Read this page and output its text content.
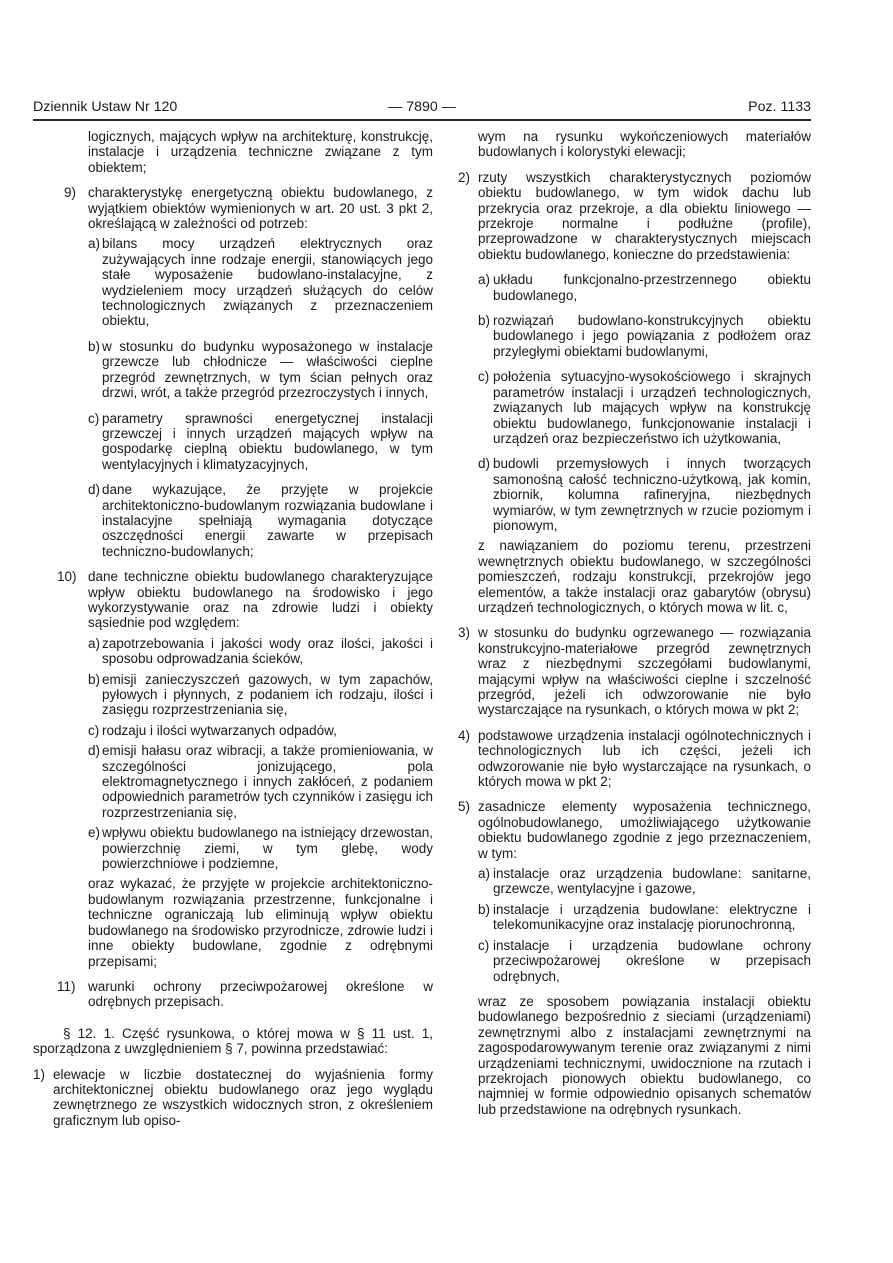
Dziennik Ustaw Nr 120	— 7890 —	Poz. 1133

logicznych, mających wpływ na architekturę, konstrukcję, instalacje i urządzenia techniczne związane z tym obiektem;

9) charakterystykę energetyczną obiektu budowlanego, z wyjątkiem obiektów wymienionych w art. 20 ust. 3 pkt 2, określającą w zależności od potrzeb:
a) bilans mocy urządzeń elektrycznych oraz zużywających inne rodzaje energii, stanowiących jego stałe wyposażenie budowlano-instalacyjne, z wydzieleniem mocy urządzeń służących do celów technologicznych związanych z przeznaczeniem obiektu,
b) w stosunku do budynku wyposażonego w instalacje grzewcze lub chłodnicze — właściwości cieplne przegród zewnętrznych, w tym ścian pełnych oraz drzwi, wrót, a także przegród przezroczystych i innych,
c) parametry sprawności energetycznej instalacji grzewczej i innych urządzeń mających wpływ na gospodarkę cieplną obiektu budowlanego, w tym wentylacyjnych i klimatyzacyjnych,
d) dane wykazujące, że przyjęte w projekcie architektoniczno-budowlanym rozwiązania budowlane i instalacyjne spełniają wymagania dotyczące oszczędności energii zawarte w przepisach techniczno-budowlanych;
10) dane techniczne obiektu budowlanego charakteryzujące wpływ obiektu budowlanego na środowisko i jego wykorzystywanie oraz na zdrowie ludzi i obiekty sąsiednie pod względem:
a) zapotrzebowania i jakości wody oraz ilości, jakości i sposobu odprowadzania ścieków,
b) emisji zanieczyszczeń gazowych, w tym zapachów, pyłowych i płynnych, z podaniem ich rodzaju, ilości i zasięgu rozprzestrzeniania się,
c) rodzaju i ilości wytwarzanych odpadów,
d) emisji hałasu oraz wibracji, a także promieniowania, w szczególności jonizującego, pola elektromagnetycznego i innych zakłóceń, z podaniem odpowiednich parametrów tych czynników i zasięgu ich rozprzestrzeniania się,
e) wpływu obiektu budowlanego na istniejący drzewostan, powierzchnię ziemi, w tym glebę, wody powierzchniowe i podziemne,

oraz wykazać, że przyjęte w projekcie architektoniczno-budowlanym rozwiązania przestrzenne, funkcjonalne i techniczne ograniczają lub eliminują wpływ obiektu budowlanego na środowisko przyrodnicze, zdrowie ludzi i inne obiekty budowlane, zgodnie z odrębnymi przepisami;

11) warunki ochrony przeciwpożarowej określone w odrębnych przepisach.

§ 12. 1. Część rysunkowa, o której mowa w § 11 ust. 1, sporządzona z uwzględnieniem § 7, powinna przedstawiać:

1) elewacje w liczbie dostatecznej do wyjaśnienia formy architektonicznej obiektu budowlanego oraz jego wyglądu zewnętrznego ze wszystkich widocznych stron, z określeniem graficznym lub opiso-

wym na rysunku wykończeniowych materiałów budowlanych i kolorystyki elewacji;

2) rzuty wszystkich charakterystycznych poziomów obiektu budowlanego, w tym widok dachu lub przekrycia oraz przekroje, a dla obiektu liniowego — przekroje normalne i podłużne (profile), przeprowadzone w charakterystycznych miejscach obiektu budowlanego, konieczne do przedstawienia:
a) układu funkcjonalno-przestrzennego obiektu budowlanego,
b) rozwiązań budowlano-konstrukcyjnych obiektu budowlanego i jego powiązania z podłożem oraz przyległymi obiektami budowlanymi,
c) położenia sytuacyjno-wysokościowego i skrajnych parametrów instalacji i urządzeń technologicznych, związanych lub mających wpływ na konstrukcję obiektu budowlanego, funkcjonowanie instalacji i urządzeń oraz bezpieczeństwo ich użytkowania,
d) budowli przemysłowych i innych tworzących samonośną całość techniczno-użytkową, jak komin, zbiornik, kolumna rafineryjna, niezbędnych wymiarów, w tym zewnętrznych w rzucie poziomym i pionowym,

z nawiązaniem do poziomu terenu, przestrzeni wewnętrznych obiektu budowlanego, w szczególności pomieszczeń, rodzaju konstrukcji, przekrojów jego elementów, a także instalacji oraz gabarytów (obrysu) urządzeń technologicznych, o których mowa w lit. c,

3) w stosunku do budynku ogrzewanego — rozwiązania konstrukcyjno-materiałowe przegród zewnętrznych wraz z niezbędnymi szczegółami budowlanymi, mającymi wpływ na właściwości cieplne i szczelność przegród, jeżeli ich odwzorowanie nie było wystarczające na rysunkach, o których mowa w pkt 2;
4) podstawowe urządzenia instalacji ogólnotechnicznych i technologicznych lub ich części, jeżeli ich odwzorowanie nie było wystarczające na rysunkach, o których mowa w pkt 2;
5) zasadnicze elementy wyposażenia technicznego, ogólnobudowlanego, umożliwiającego użytkowanie obiektu budowlanego zgodnie z jego przeznaczeniem, w tym:
a) instalacje oraz urządzenia budowlane: sanitarne, grzewcze, wentylacyjne i gazowe,
b) instalacje i urządzenia budowlane: elektryczne i telekomunikacyjne oraz instalację piorunochronną,
c) instalacje i urządzenia budowlane ochrony przeciwpożarowej określone w przepisach odrębnych,

wraz ze sposobem powiązania instalacji obiektu budowlanego bezpośrednio z sieciami (urządzeniami) zewnętrznymi albo z instalacjami zewnętrznymi na zagospodarowywanym terenie oraz związanymi z nimi urządzeniami technicznymi, uwidocznione na rzutach i przekrojach pionowych obiektu budowlanego, co najmniej w formie odpowiednio opisanych schematów lub przedstawione na odrębnych rysunkach.
